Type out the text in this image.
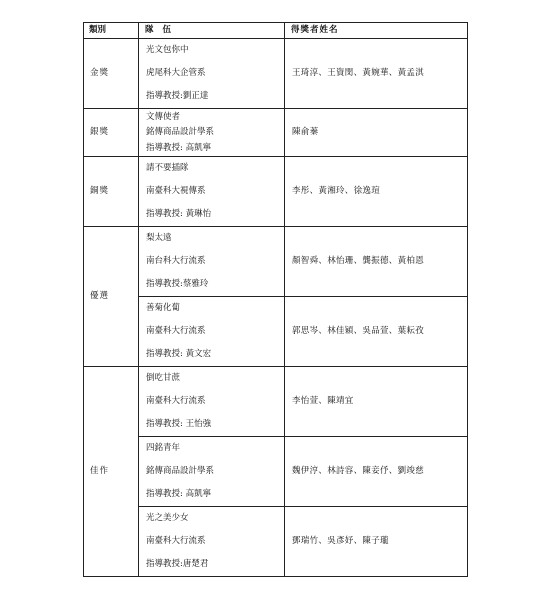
類別	隊 伍	得獎者姓名
金獎	光文包你中
虎尾科大企管系
指導教授:劉正達	王琦淳、王資閔、黃婉華、黃孟淇
銀獎	文傳使者
銘傳商品設計學系
指導教授: 高凱寧	陳俞蓁
銅獎	請不要插隊
南臺科大視傳系
指導教授: 黃琳怡	李彤、黃湘玲、徐逸瑄
優選	梨太遠
南台科大行流系
指導教授:蔡雅玲	顏智舜、林怡珊、龔振德、黃柏恩

善菊化蔔
南臺科大行流系
指導教授: 黃文宏	郭思岑、林佳穎、吳品萱、葉耘孜
佳作	倒吃甘蔗
南臺科大行流系
指導教授: 王怡強	李怡萱、陳靖宜

四銘青年
銘傳商品設計學系
指導教授: 高凱寧	魏伊涥、林詩容、陳妾伃、劉竣慈

光之美少女
南臺科大行流系
指導教授:唐楚君	鄧瑞竹、吳彥妤、陳子瓏
